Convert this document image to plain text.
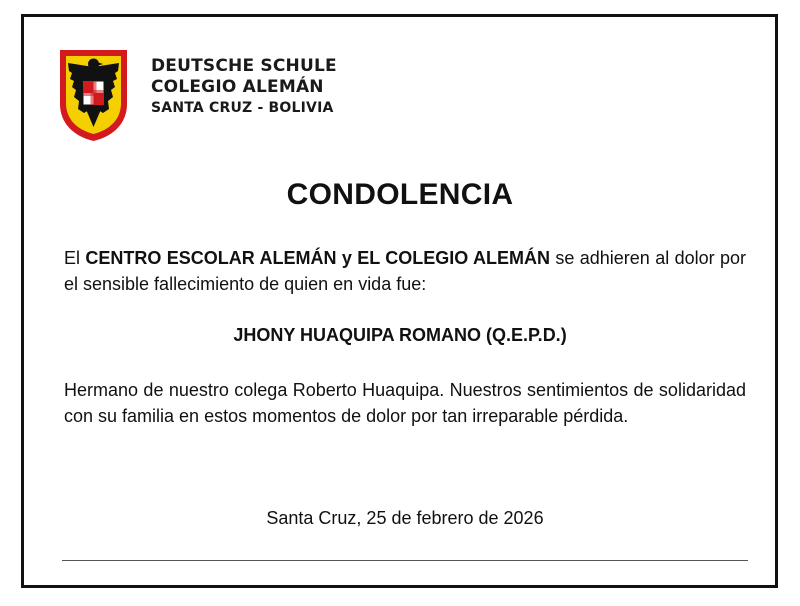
DEUTSCHE SCHULE
COLEGIO ALEMÁN
SANTA CRUZ - BOLIVIA
CONDOLENCIA
El CENTRO ESCOLAR ALEMÁN y EL COLEGIO ALEMÁN se adhieren al dolor por el sensible fallecimiento de quien en vida fue:
JHONY HUAQUIPA ROMANO (Q.E.P.D.)
Hermano de nuestro colega Roberto Huaquipa. Nuestros sentimientos de solidaridad con su familia en estos momentos de dolor por tan irreparable pérdida.
Santa Cruz, 25 de febrero de 2026
